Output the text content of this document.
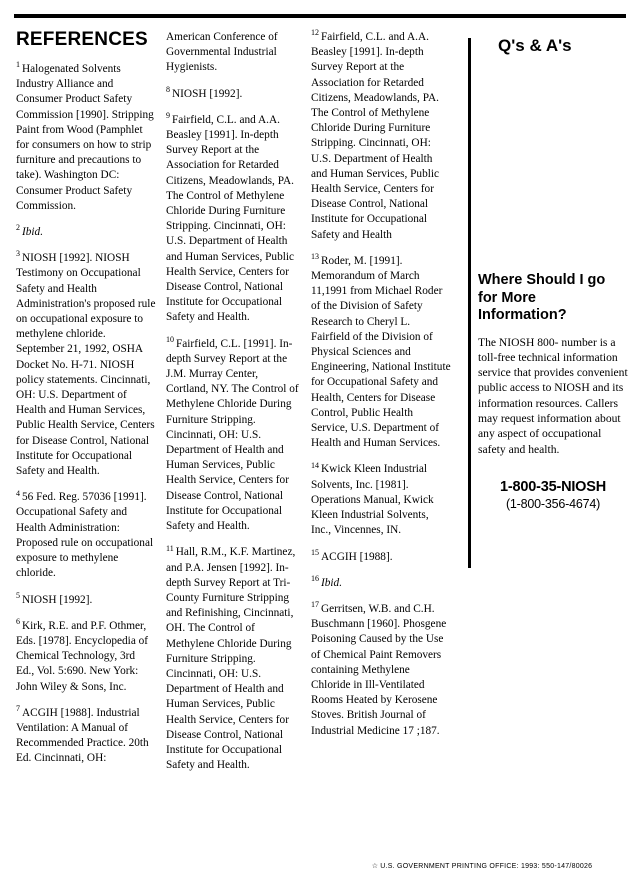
REFERENCES

$^1$ Halogenated Solvents Industry Alliance and Consumer Product Safety Commission [1990]. Stripping Paint from Wood (Pamphlet for consumers on how to strip furniture and precautions to take). Washington DC: Consumer Product Safety Commission.

$^2$ Ibid.

$^3$ NIOSH [1992]. NIOSH Testimony on Occupational Safety and Health Administration's proposed rule on occupational exposure to methylene chloride. September 21, 1992, OSHA Docket No. H-71. NIOSH policy statements. Cincinnati, OH: U.S. Department of Health and Human Services, Public Health Service, Centers for Disease Control, National Institute for Occupational Safety and Health.

$^4$ 56 Fed. Reg. 57036 [1991]. Occupational Safety and Health Administration: Proposed rule on occupational exposure to methylene chloride.

$^5$ NIOSH [1992].

$^6$ Kirk, R.E. and P.F. Othmer, Eds. [1978]. Encyclopedia of Chemical Technology, 3rd Ed., Vol. 5:690. New York: John Wiley & Sons, Inc.

$^7$ ACGIH [1988]. Industrial Ventilation: A Manual of Recommended Practice. 20th Ed. Cincinnati, OH:

American Conference of Governmental Industrial Hygienists.

$^8$ NIOSH [1992].

$^9$ Fairfield, C.L. and A.A. Beasley [1991]. In-depth Survey Report at the Association for Retarded Citizens, Meadowlands, PA. The Control of Methylene Chloride During Furniture Stripping. Cincinnati, OH: U.S. Department of Health and Human Services, Public Health Service, Centers for Disease Control, National Institute for Occupational Safety and Health.

$^{10}$ Fairfield, C.L. [1991]. In-depth Survey Report at the J.M. Murray Center, Cortland, NY. The Control of Methylene Chloride During Furniture Stripping. Cincinnati, OH: U.S. Department of Health and Human Services, Public Health Service, Centers for Disease Control, National Institute for Occupational Safety and Health.

$^{11}$ Hall, R.M., K.F. Martinez, and P.A. Jensen [1992]. In-depth Survey Report at Tri-County Furniture Stripping and Refinishing, Cincinnati, OH. The Control of Methylene Chloride During Furniture Stripping. Cincinnati, OH: U.S. Department of Health and Human Services, Public Health Service, Centers for Disease Control, National Institute for Occupational Safety and Health.

$^{12}$ Fairfield, C.L. and A.A. Beasley [1991]. In-depth Survey Report at the Association for Retarded Citizens, Meadowlands, PA. The Control of Methylene Chloride During Furniture Stripping. Cincinnati, OH: U.S. Department of Health and Human Services, Public Health Service, Centers for Disease Control, National Institute for Occupational Safety and Health

$^{13}$ Roder, M. [1991]. Memorandum of March 11,1991 from Michael Roder of the Division of Safety Research to Cheryl L. Fairfield of the Division of Physical Sciences and Engineering, National Institute for Occupational Safety and Health, Centers for Disease Control, Public Health Service, U.S. Department of Health and Human Services.

$^{14}$ Kwick Kleen Industrial Solvents, Inc. [1981]. Operations Manual, Kwick Kleen Industrial Solvents, Inc., Vincennes, IN.

$^{15}$ ACGIH [1988].

$^{16}$ Ibid.

$^{17}$ Gerritsen, W.B. and C.H. Buschmann [1960]. Phosgene Poisoning Caused by the Use of Chemical Paint Removers containing Methylene Chloride in Ill-Ventilated Rooms Heated by Kerosene Stoves. British Journal of Industrial Medicine 17 ;187.

Q's & A's
Where Should I go for More Information?

The NIOSH 800- number is a toll-free technical information service that provides convenient public access to NIOSH and its information resources. Callers may request information about any aspect of occupational safety and health.

1-800-35-NIOSH

(1-800-356-4674)

☆ U.S. GOVERNMENT PRINTING OFFICE: 1993: 550-147/80026
